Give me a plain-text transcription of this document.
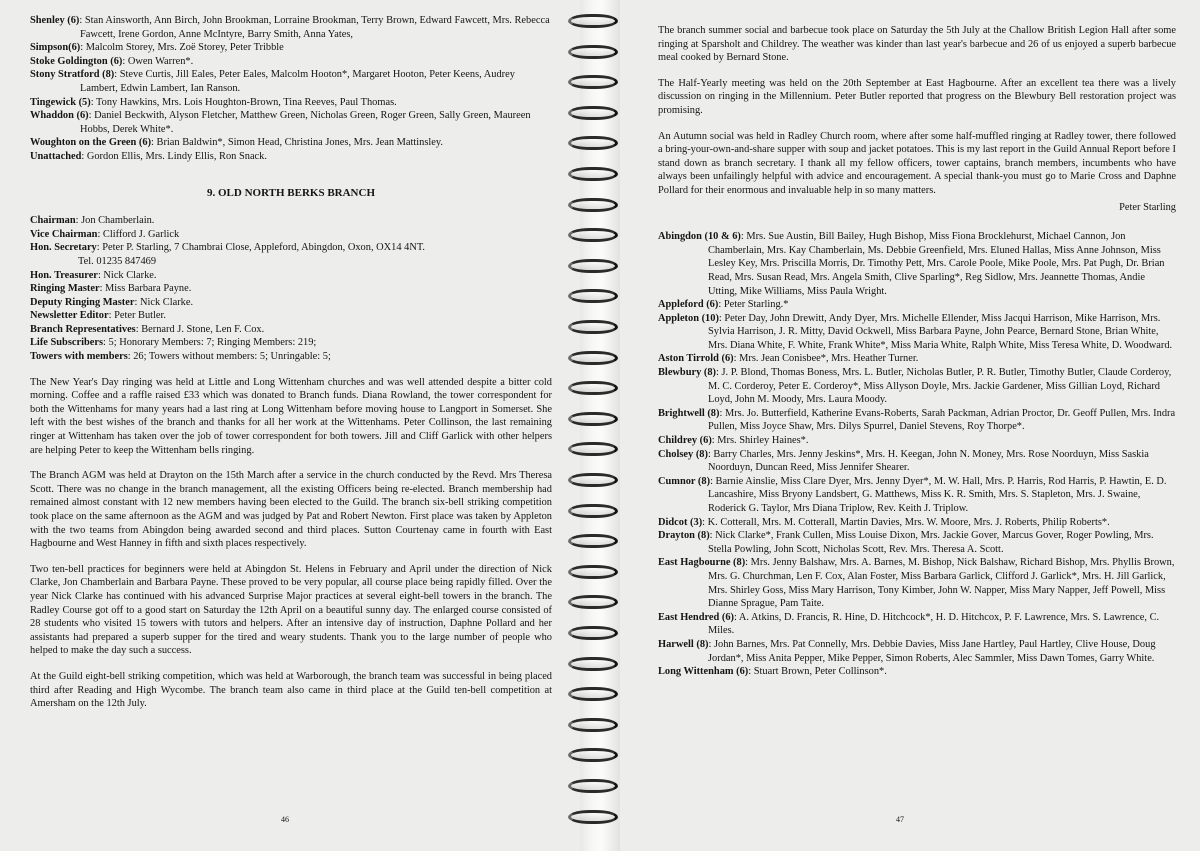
Shenley (6): Stan Ainsworth, Ann Birch, John Brookman, Lorraine Brookman, Terry Brown, Edward Fawcett, Mrs. Rebecca Fawcett, Irene Gordon, Anne McIntyre, Barry Smith, Anna Yates,

Simpson(6): Malcolm Storey, Mrs. Zoë Storey, Peter Tribble

Stoke Goldington (6): Owen Warren*.

Stony Stratford (8): Steve Curtis, Jill Eales, Peter Eales, Malcolm Hooton*, Margaret Hooton, Peter Keens, Audrey Lambert, Edwin Lambert, Ian Ranson.

Tingewick (5): Tony Hawkins, Mrs. Lois Houghton-Brown, Tina Reeves, Paul Thomas.

Whaddon (6): Daniel Beckwith, Alyson Fletcher, Matthew Green, Nicholas Green, Roger Green, Sally Green, Maureen Hobbs, Derek White*.

Woughton on the Green (6): Brian Baldwin*, Simon Head, Christina Jones, Mrs. Jean Mattinsley.

Unattached: Gordon Ellis, Mrs. Lindy Ellis, Ron Snack.

9. OLD NORTH BERKS BRANCH

Chairman: Jon Chamberlain.

Vice Chairman: Clifford J. Garlick

Hon. Secretary: Peter P. Starling, 7 Chambrai Close, Appleford, Abingdon, Oxon, OX14 4NT.

Tel. 01235 847469

Hon. Treasurer: Nick Clarke.

Ringing Master: Miss Barbara Payne.

Deputy Ringing Master: Nick Clarke.

Newsletter Editor: Peter Butler.

Branch Representatives: Bernard J. Stone, Len F. Cox.

Life Subscribers: 5; Honorary Members: 7; Ringing Members: 219;

Towers with members: 26; Towers without members: 5; Unringable: 5;

The New Year's Day ringing was held at Little and Long Wittenham churches and was well attended despite a bitter cold morning. Coffee and a raffle raised £33 which was donated to Branch funds. Diana Rowland, the tower correspondent for both the Wittenhams for many years had a last ring at Long Wittenham before moving house to Langport in Somerset. She left with the best wishes of the branch and thanks for all her work at the Wittenhams. Peter Collinson, the last remaining ringer at Wittenham has taken over the job of tower correspondent for both towers. Jill and Cliff Garlick with other helpers are helping Peter to keep the Wittenham bells ringing.

The Branch AGM was held at Drayton on the 15th March after a service in the church conducted by the Revd. Mrs Theresa Scott. There was no change in the branch management, all the existing Officers being re-elected. Branch membership had remained almost constant with 12 new members having been elected to the Guild. The branch six-bell striking competition took place on the same afternoon as the AGM and was judged by Pat and Robert Newton. First place was taken by Appleton with the two teams from Abingdon being awarded second and third places. Sutton Courtenay came in fourth with East Hagbourne and West Hanney in fifth and sixth places respectively.

Two ten-bell practices for beginners were held at Abingdon St. Helens in February and April under the direction of Nick Clarke, Jon Chamberlain and Barbara Payne. These proved to be very popular, all course place being rapidly filled. Over the year Nick Clarke has continued with his advanced Surprise Major practices at several eight-bell towers in the branch. The Radley Course got off to a good start on Saturday the 12th April on a beautiful sunny day. The enlarged course consisted of 28 students who visited 15 towers with tutors and helpers. After an intensive day of instruction, Daphne Pollard and her assistants had prepared a superb supper for the tired and weary students. Thank you to the large number of people who helped to make the day such a success.

At the Guild eight-bell striking competition, which was held at Warborough, the branch team was successful in being placed third after Reading and High Wycombe. The branch team also came in third place at the Guild ten-bell competition at Amersham on the 12th July.

46

The branch summer social and barbecue took place on Saturday the 5th July at the Challow British Legion Hall after some ringing at Sparsholt and Childrey. The weather was kinder than last year's barbecue and 26 of us enjoyed a superb barbecue meal cooked by Bernard Stone.

The Half-Yearly meeting was held on the 20th September at East Hagbourne. After an excellent tea there was a lively discussion on ringing in the Millennium. Peter Butler reported that progress on the Blewbury Bell restoration project was promising.

An Autumn social was held in Radley Church room, where after some half-muffled ringing at Radley tower, there followed a bring-your-own-and-share supper with soup and jacket potatoes. This is my last report in the Guild Annual Report before I stand down as branch secretary. I thank all my fellow officers, tower captains, branch members, incumbents who have always been unfailingly helpful with advice and encouragement. A special thank-you must go to Marie Cross and Daphne Pollard for their enormous and invaluable help in so many matters.

Peter Starling

Abingdon (10 & 6): Mrs. Sue Austin, Bill Bailey, Hugh Bishop, Miss Fiona Brocklehurst, Michael Cannon, Jon Chamberlain, Mrs. Kay Chamberlain, Ms. Debbie Greenfield, Mrs. Eluned Hallas, Miss Anne Johnson, Miss Lesley Key, Mrs. Priscilla Morris, Dr. Timothy Pett, Mrs. Carole Poole, Mike Poole, Mrs. Pat Pugh, Dr. Brian Read, Mrs. Susan Read, Mrs. Angela Smith, Clive Sparling*, Reg Sidlow, Mrs. Jeannette Thomas, Andie Utting, Mike Williams, Miss Paula Wright.

Appleford (6): Peter Starling.*

Appleton (10): Peter Day, John Drewitt, Andy Dyer, Mrs. Michelle Ellender, Miss Jacqui Harrison, Mike Harrison, Mrs. Sylvia Harrison, J. R. Mitty, David Ockwell, Miss Barbara Payne, John Pearce, Bernard Stone, Brian White, Mrs. Diana White, F. White, Frank White*, Miss Maria White, Ralph White, Miss Teresa White, D. Woodward.

Aston Tirrold (6): Mrs. Jean Conisbee*, Mrs. Heather Turner.

Blewbury (8): J. P. Blond, Thomas Boness, Mrs. L. Butler, Nicholas Butler, P. R. Butler, Timothy Butler, Claude Corderoy, M. C. Corderoy, Peter E. Corderoy*, Miss Allyson Doyle, Mrs. Jackie Gardener, Miss Gillian Loyd, Richard Loyd, John M. Moody, Mrs. Laura Moody.

Brightwell (8): Mrs. Jo. Butterfield, Katherine Evans-Roberts, Sarah Packman, Adrian Proctor, Dr. Geoff Pullen, Mrs. Indra Pullen, Miss Joyce Shaw, Mrs. Dilys Spurrel, Daniel Stevens, Roy Thorpe*.

Childrey (6): Mrs. Shirley Haines*.

Cholsey (8): Barry Charles, Mrs. Jenny Jeskins*, Mrs. H. Keegan, John N. Money, Mrs. Rose Noorduyn, Miss Saskia Noorduyn, Duncan Reed, Miss Jennifer Shearer.

Cumnor (8): Barnie Ainslie, Miss Clare Dyer, Mrs. Jenny Dyer*, M. W. Hall, Mrs. P. Harris, Rod Harris, P. Hawtin, E. D. Lancashire, Miss Bryony Landsbert, G. Matthews, Miss K. R. Smith, Mrs. S. Stapleton, Mrs. J. Swaine, Roderick G. Taylor, Mrs Diana Triplow, Rev. Keith J. Triplow.

Didcot (3): K. Cotterall, Mrs. M. Cotterall, Martin Davies, Mrs. W. Moore, Mrs. J. Roberts, Philip Roberts*.

Drayton (8): Nick Clarke*, Frank Cullen, Miss Louise Dixon, Mrs. Jackie Gover, Marcus Gover, Roger Powling, Mrs. Stella Powling, John Scott, Nicholas Scott, Rev. Mrs. Theresa A. Scott.

East Hagbourne (8): Mrs. Jenny Balshaw, Mrs. A. Barnes, M. Bishop, Nick Balshaw, Richard Bishop, Mrs. Phyllis Brown, Mrs. G. Churchman, Len F. Cox, Alan Foster, Miss Barbara Garlick, Clifford J. Garlick*, Mrs. H. Jill Garlick, Mrs. Shirley Goss, Miss Mary Harrison, Tony Kimber, John W. Napper, Miss Mary Napper, Jeff Powell, Miss Dianne Sprague, Pam Taite.

East Hendred (6): A. Atkins, D. Francis, R. Hine, D. Hitchcock*, H. D. Hitchcox, P. F. Lawrence, Mrs. S. Lawrence, C. Miles.

Harwell (8): John Barnes, Mrs. Pat Connelly, Mrs. Debbie Davies, Miss Jane Hartley, Paul Hartley, Clive House, Doug Jordan*, Miss Anita Pepper, Mike Pepper, Simon Roberts, Alec Sammler, Miss Dawn Tomes, Garry White.

Long Wittenham (6): Stuart Brown, Peter Collinson*.

47
